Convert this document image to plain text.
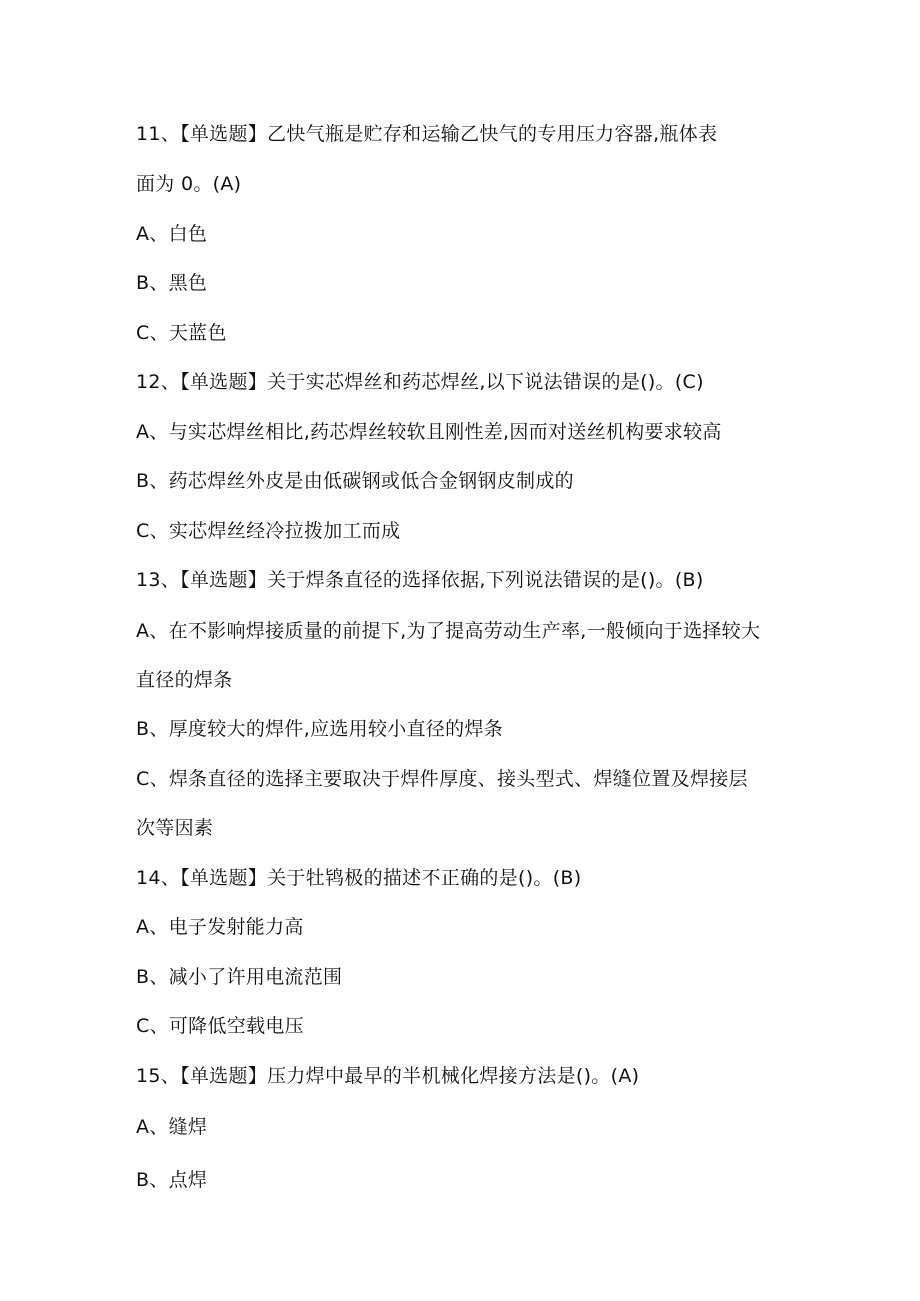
11、【单选题】乙快气瓶是贮存和运输乙快气的专用压力容器,瓶体表
面为 0。(A)
A、白色
B、黑色
C、天蓝色
12、【单选题】关于实芯焊丝和药芯焊丝,以下说法错误的是()。(C)
A、与实芯焊丝相比,药芯焊丝较软且刚性差,因而对送丝机构要求较高
B、药芯焊丝外皮是由低碳钢或低合金钢钢皮制成的
C、实芯焊丝经冷拉拨加工而成
13、【单选题】关于焊条直径的选择依据,下列说法错误的是()。(B)
A、在不影响焊接质量的前提下,为了提高劳动生产率,一般倾向于选择较大
直径的焊条
B、厚度较大的焊件,应选用较小直径的焊条
C、焊条直径的选择主要取决于焊件厚度、接头型式、焊缝位置及焊接层
次等因素
14、【单选题】关于牡鸨极的描述不正确的是()。(B)
A、电子发射能力高
B、减小了许用电流范围
C、可降低空载电压
15、【单选题】压力焊中最早的半机械化焊接方法是()。(A)
A、缝焊
B、点焊
